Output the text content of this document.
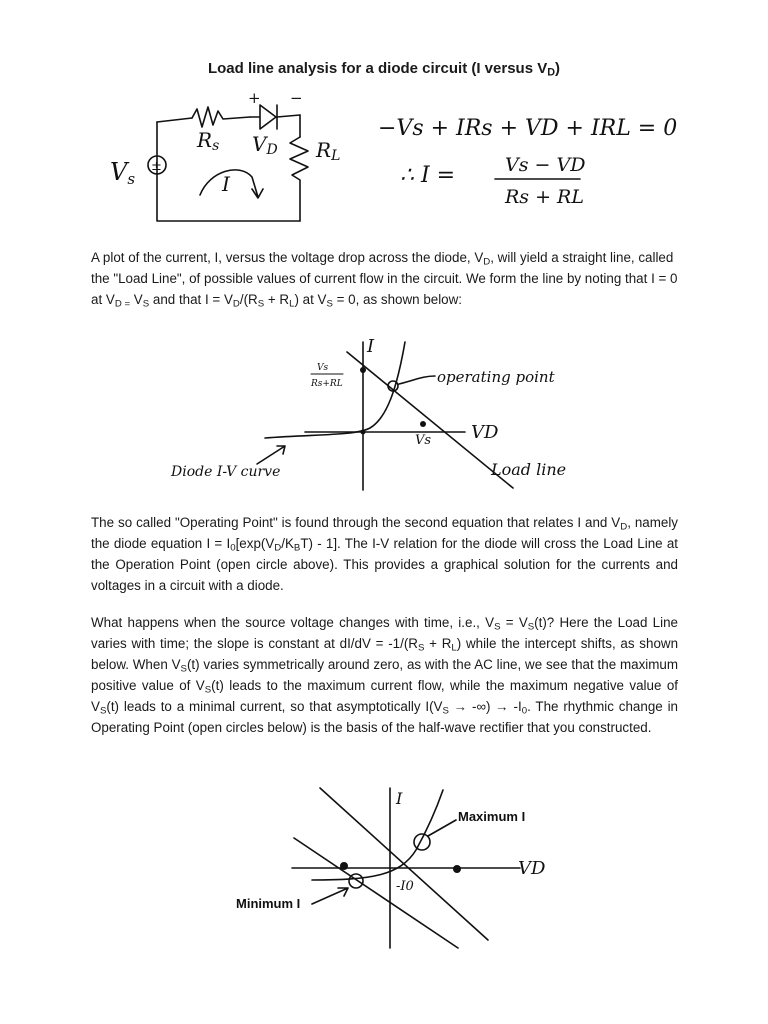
Load line analysis for a diode circuit (I versus $V_D$)
±
+ −
Vs
Rs VD RL
I
−Vs + IRs + VD + IRL = 0
∴ I =	Vs − VD
Rs + RL
A plot of the current, I, versus the voltage drop across the diode, $V_D$, will yield a straight line, called the "Load Line", of possible values of current flow in the circuit. We form the line by noting that I = 0 at $V_{D =}$ $V_S$ and that $I = V_D/(R_S + R_L)$ at $V_S = 0$, as shown below:
I
Vs
Rs+RL	operating point
VD
Vs
Diode I-V curve	Load line
The so called "Operating Point" is found through the second equation that relates I and $V_D$, namely the diode equation $I = I_0[\exp(V_D/K_BT) - 1]$. The I-V relation for the diode will cross the Load Line at the Operation Point (open circle above). This provides a graphical solution for the currents and voltages in a circuit with a diode.
What happens when the source voltage changes with time, i.e., $V_S = V_S(t)$? Here the Load Line varies with time; the slope is constant at $dI/dV = -1/(R_S + R_L)$ while the intercept shifts, as shown below. When $V_S(t)$ varies symmetrically around zero, as with the AC line, we see that the maximum positive value of $V_S(t)$ leads to the maximum current flow, while the maximum negative value of $V_S(t)$ leads to a minimal current, so that asymptotically $I(V_S$ → -∞) → $-I_0$. The rhythmic change in Operating Point (open circles below) is the basis of the half-wave rectifier that you constructed.
I
Maximum I
VD
-I0
Minimum I
